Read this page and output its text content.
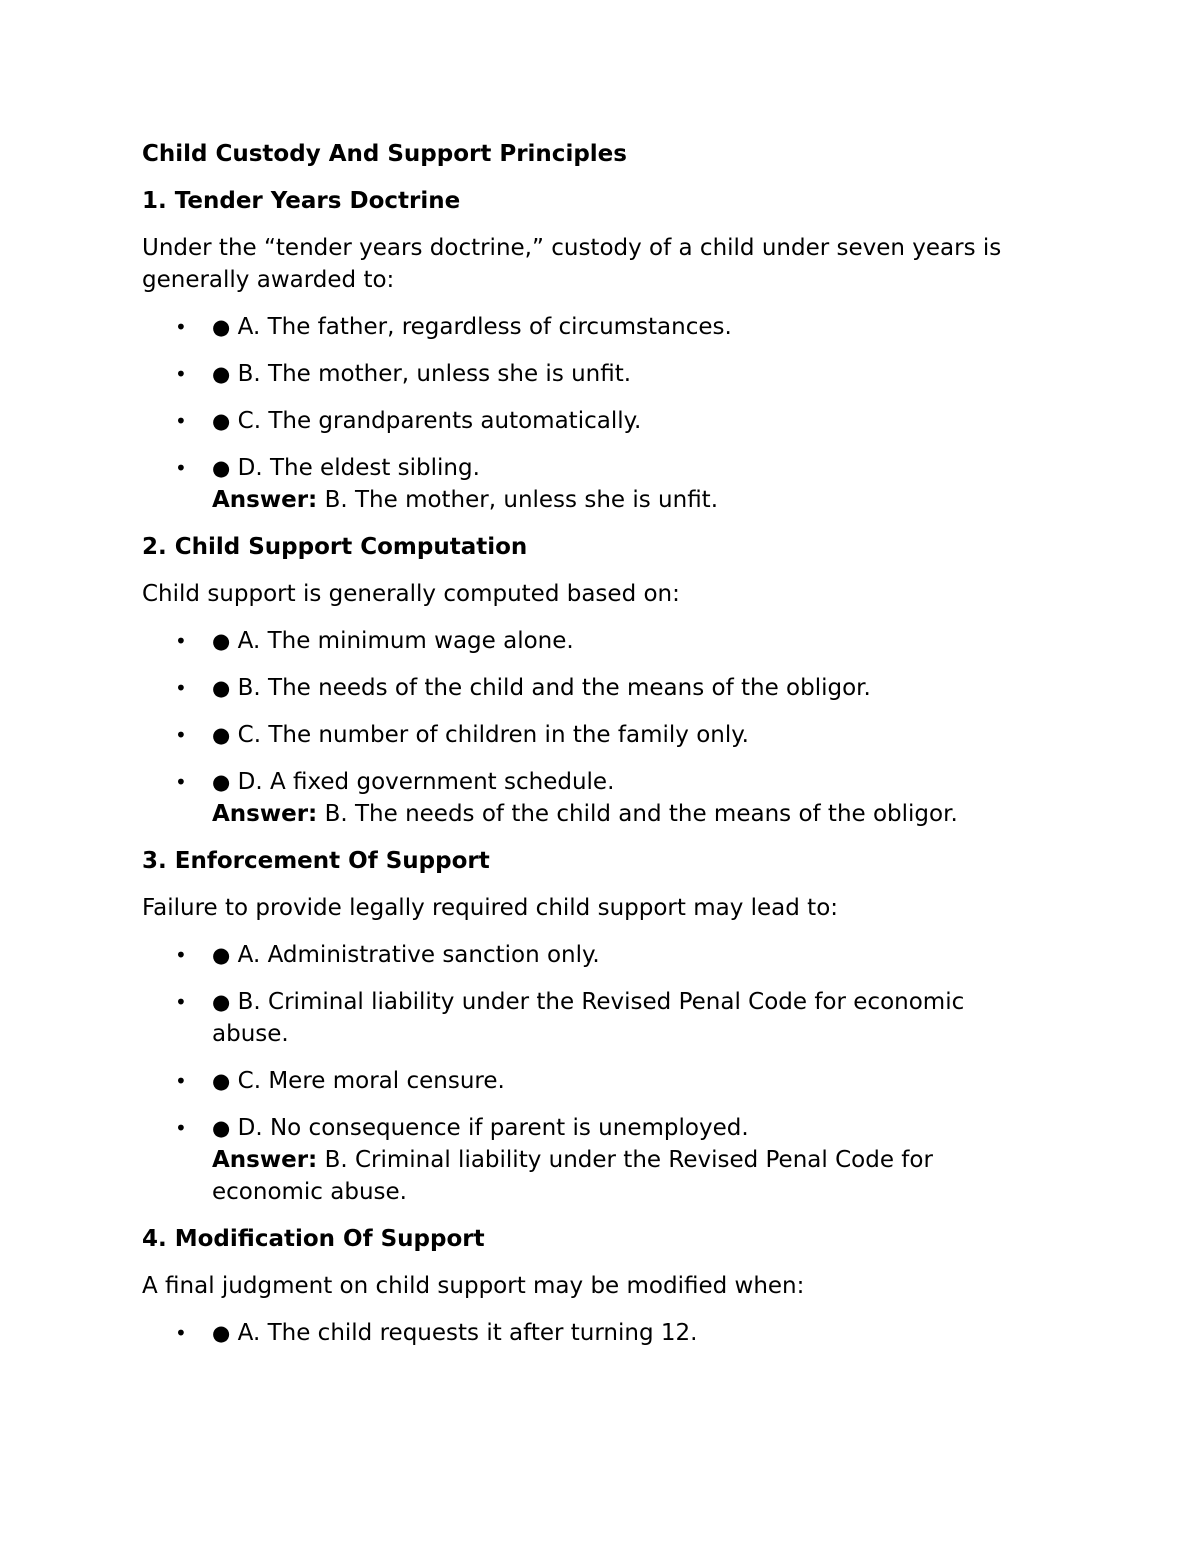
Child Custody And Support Principles

1. Tender Years Doctrine

Under the “tender years doctrine,” custody of a child under seven years is generally awarded to:

• ● A. The father, regardless of circumstances.
• ● B. The mother, unless she is unfit.
• ● C. The grandparents automatically.
• ● D. The eldest sibling.
Answer: B. The mother, unless she is unfit.

2. Child Support Computation

Child support is generally computed based on:

• ● A. The minimum wage alone.
• ● B. The needs of the child and the means of the obligor.
• ● C. The number of children in the family only.
• ● D. A fixed government schedule.
Answer: B. The needs of the child and the means of the obligor.

3. Enforcement Of Support

Failure to provide legally required child support may lead to:

• ● A. Administrative sanction only.
• ● B. Criminal liability under the Revised Penal Code for economic abuse.
• ● C. Mere moral censure.
• ● D. No consequence if parent is unemployed.
Answer: B. Criminal liability under the Revised Penal Code for economic abuse.

4. Modification Of Support

A final judgment on child support may be modified when:

• ● A. The child requests it after turning 12.
